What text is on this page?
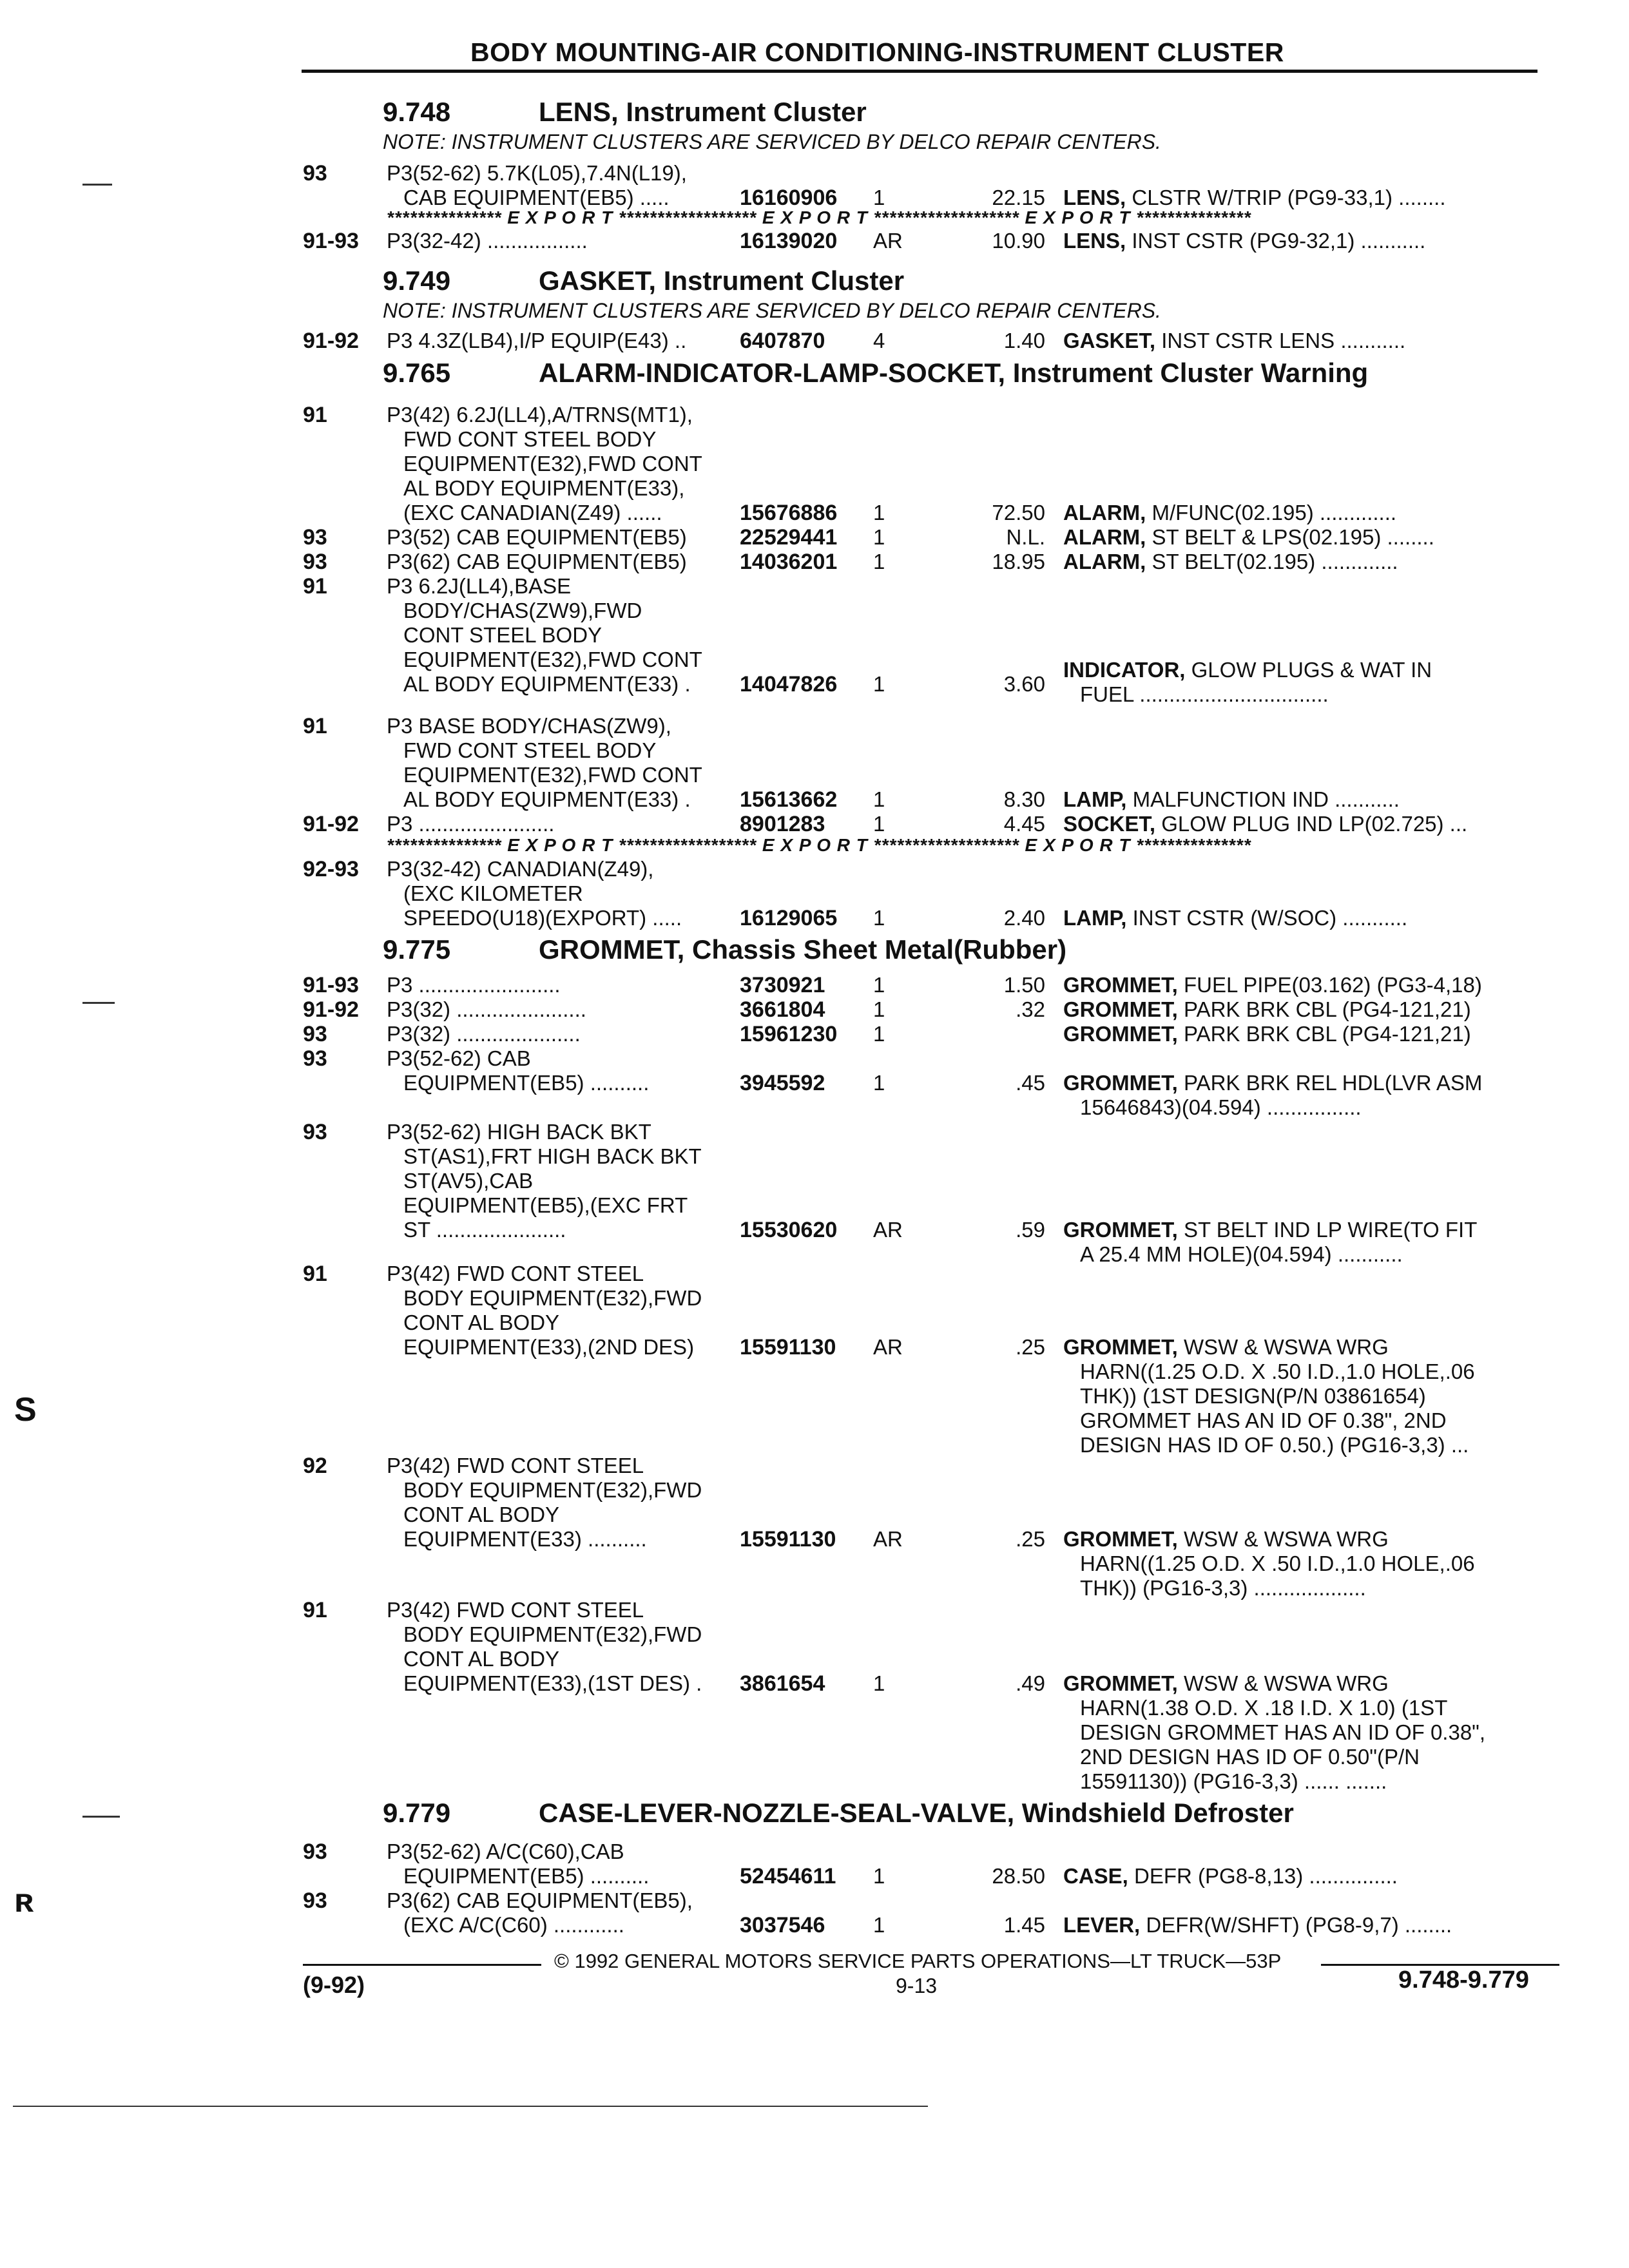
BODY MOUNTING-AIR CONDITIONING-INSTRUMENT CLUSTER
9.748	LENS, Instrument Cluster
NOTE: INSTRUMENT CLUSTERS ARE SERVICED BY DELCO REPAIR CENTERS.
93	P3(52-62) 5.7K(L05),7.4N(L19),
CAB EQUIPMENT(EB5) .....	16160906 1	22.15 LENS, CLSTR W/TRIP (PG9-33,1) ........
*************** E X P O R T ****************** E X P O R T ******************* E X P O R T ***************
91-93 P3(32-42) .................	16139020 AR	10.90 LENS, INST CSTR (PG9-32,1) ...........
9.749	GASKET, Instrument Cluster
NOTE: INSTRUMENT CLUSTERS ARE SERVICED BY DELCO REPAIR CENTERS.
91-92 P3 4.3Z(LB4),I/P EQUIP(E43) .. 6407870 4	1.40 GASKET, INST CSTR LENS ...........
9.765	ALARM-INDICATOR-LAMP-SOCKET, Instrument Cluster Warning
91	P3(42) 6.2J(LL4),A/TRNS(MT1),
FWD CONT STEEL BODY
EQUIPMENT(E32),FWD CONT
AL BODY EQUIPMENT(E33),
(EXC CANADIAN(Z49) ......	15676886 1	72.50 ALARM, M/FUNC(02.195) .............
93	P3(52) CAB EQUIPMENT(EB5) 22529441 1	N.L. ALARM, ST BELT & LPS(02.195) ........
93	P3(62) CAB EQUIPMENT(EB5) 14036201 1	18.95 ALARM, ST BELT(02.195) .............
91	P3 6.2J(LL4),BASE
BODY/CHAS(ZW9),FWD
CONT STEEL BODY
EQUIPMENT(E32),FWD CONT
AL BODY EQUIPMENT(E33) .	14047826 1	3.60
INDICATOR, GLOW PLUGS & WAT IN
FUEL ................................
91	P3 BASE BODY/CHAS(ZW9),
FWD CONT STEEL BODY
EQUIPMENT(E32),FWD CONT
AL BODY EQUIPMENT(E33) .	15613662 1	8.30 LAMP, MALFUNCTION IND ...........
91-92 P3 .......................	8901283 1	4.45 SOCKET, GLOW PLUG IND LP(02.725) ...
*************** E X P O R T ****************** E X P O R T ******************* E X P O R T ***************
92-93 P3(32-42) CANADIAN(Z49),
(EXC KILOMETER
SPEEDO(U18)(EXPORT) .....	16129065 1	2.40 LAMP, INST CSTR (W/SOC) ...........
9.775	GROMMET, Chassis Sheet Metal(Rubber)
91-93 P3 ........................	3730921 1	1.50 GROMMET, FUEL PIPE(03.162) (PG3-4,18)
91-92 P3(32) ......................	3661804 1	.32 GROMMET, PARK BRK CBL (PG4-121,21)
93	P3(32) .....................	15961230 1	GROMMET, PARK BRK CBL (PG4-121,21)
93	P3(52-62) CAB
EQUIPMENT(EB5) ..........	3945592 1	.45 GROMMET, PARK BRK REL HDL(LVR ASM
15646843)(04.594) ................
93	P3(52-62) HIGH BACK BKT
ST(AS1),FRT HIGH BACK BKT
ST(AV5),CAB
EQUIPMENT(EB5),(EXC FRT
ST ......................	15530620 AR	.59 GROMMET, ST BELT IND LP WIRE(TO FIT
A 25.4 MM HOLE)(04.594) ...........
91	P3(42) FWD CONT STEEL
BODY EQUIPMENT(E32),FWD
CONT AL BODY
EQUIPMENT(E33),(2ND DES)	15591130 AR	.25 GROMMET, WSW & WSWA WRG
HARN((1.25 O.D. X .50 I.D.,1.0 HOLE,.06
THK)) (1ST DESIGN(P/N 03861654)
GROMMET HAS AN ID OF 0.38", 2ND
DESIGN HAS ID OF 0.50.) (PG16-3,3) ...
92	P3(42) FWD CONT STEEL
BODY EQUIPMENT(E32),FWD
CONT AL BODY
EQUIPMENT(E33) ..........	15591130 AR	.25 GROMMET, WSW & WSWA WRG
HARN((1.25 O.D. X .50 I.D.,1.0 HOLE,.06
THK)) (PG16-3,3) ...................
91	P3(42) FWD CONT STEEL
BODY EQUIPMENT(E32),FWD
CONT AL BODY
EQUIPMENT(E33),(1ST DES) . 3861654 1	.49 GROMMET, WSW & WSWA WRG
HARN(1.38 O.D. X .18 I.D. X 1.0) (1ST
DESIGN GROMMET HAS AN ID OF 0.38",
2ND DESIGN HAS ID OF 0.50"(P/N
15591130)) (PG16-3,3) ...... .......
9.779	CASE-LEVER-NOZZLE-SEAL-VALVE, Windshield Defroster
93	P3(52-62) A/C(C60),CAB
EQUIPMENT(EB5) ..........	52454611 1	28.50 CASE, DEFR (PG8-8,13) ...............
93	P3(62) CAB EQUIPMENT(EB5),
(EXC A/C(C60) ............	3037546 1	1.45 LEVER, DEFR(W/SHFT) (PG8-9,7) ........
© 1992 GENERAL MOTORS SERVICE PARTS OPERATIONS—LT TRUCK—53P
(9-92)	9-13	9.748-9.779
S
ʀ
